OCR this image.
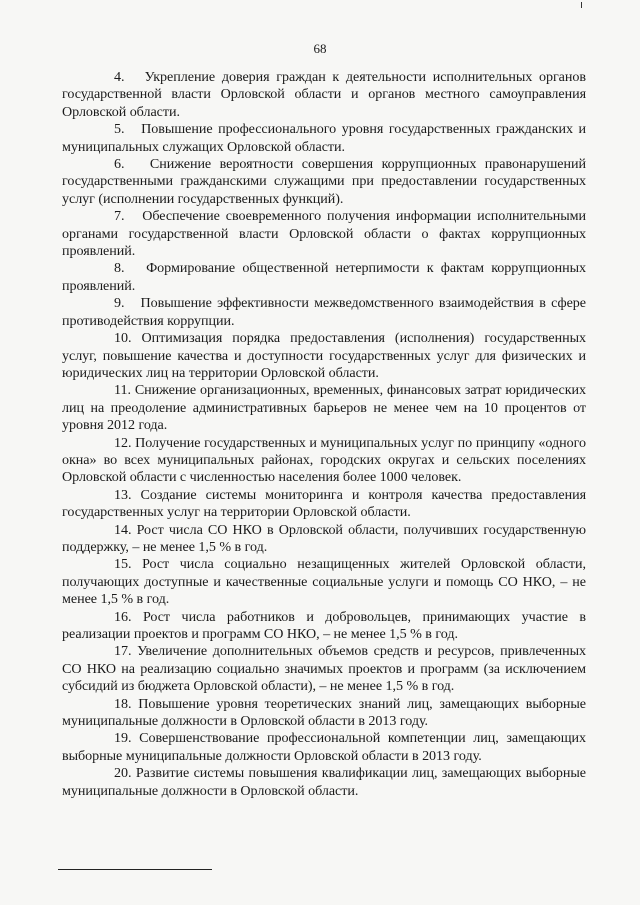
68

4.   Укрепление доверия граждан к деятельности исполнительных органов государственной власти Орловской области и органов местного самоуправления Орловской области.

5.   Повышение профессионального уровня государственных гражданских и муниципальных служащих Орловской области.

6.   Снижение вероятности совершения коррупционных правонарушений государственными гражданскими служащими при предоставлении государственных услуг (исполнении государственных функций).

7.   Обеспечение своевременного получения информации исполнительными органами государственной власти Орловской области о фактах коррупционных проявлений.

8.   Формирование общественной нетерпимости к фактам коррупционных проявлений.

9.   Повышение эффективности межведомственного взаимодействия в сфере противодействия коррупции.

10. Оптимизация порядка предоставления (исполнения) государственных услуг, повышение качества и доступности государственных услуг для физических и юридических лиц на территории Орловской области.

11. Снижение организационных, временных, финансовых затрат юридических лиц на преодоление административных барьеров не менее чем на 10 процентов от уровня 2012 года.

12. Получение государственных и муниципальных услуг по принципу «одного окна» во всех муниципальных районах, городских округах и сельских поселениях Орловской области с численностью населения более 1000 человек.

13. Создание системы мониторинга и контроля качества предоставления государственных услуг на территории Орловской области.

14. Рост числа СО НКО в Орловской области, получивших государственную поддержку, – не менее 1,5 % в год.

15. Рост числа социально незащищенных жителей Орловской области, получающих доступные и качественные социальные услуги и помощь СО НКО, – не менее 1,5 % в год.

16. Рост числа работников и добровольцев, принимающих участие в реализации проектов и программ СО НКО, – не менее 1,5 % в год.

17. Увеличение дополнительных объемов средств и ресурсов, привлеченных СО НКО на реализацию социально значимых проектов и программ (за исключением субсидий из бюджета Орловской области), – не менее 1,5 % в год.

18. Повышение уровня теоретических знаний лиц, замещающих выборные муниципальные должности в Орловской области в 2013 году.

19. Совершенствование профессиональной компетенции лиц, замещающих выборные муниципальные должности Орловской области в 2013 году.

20. Развитие системы повышения квалификации лиц, замещающих выборные муниципальные должности в Орловской области.
